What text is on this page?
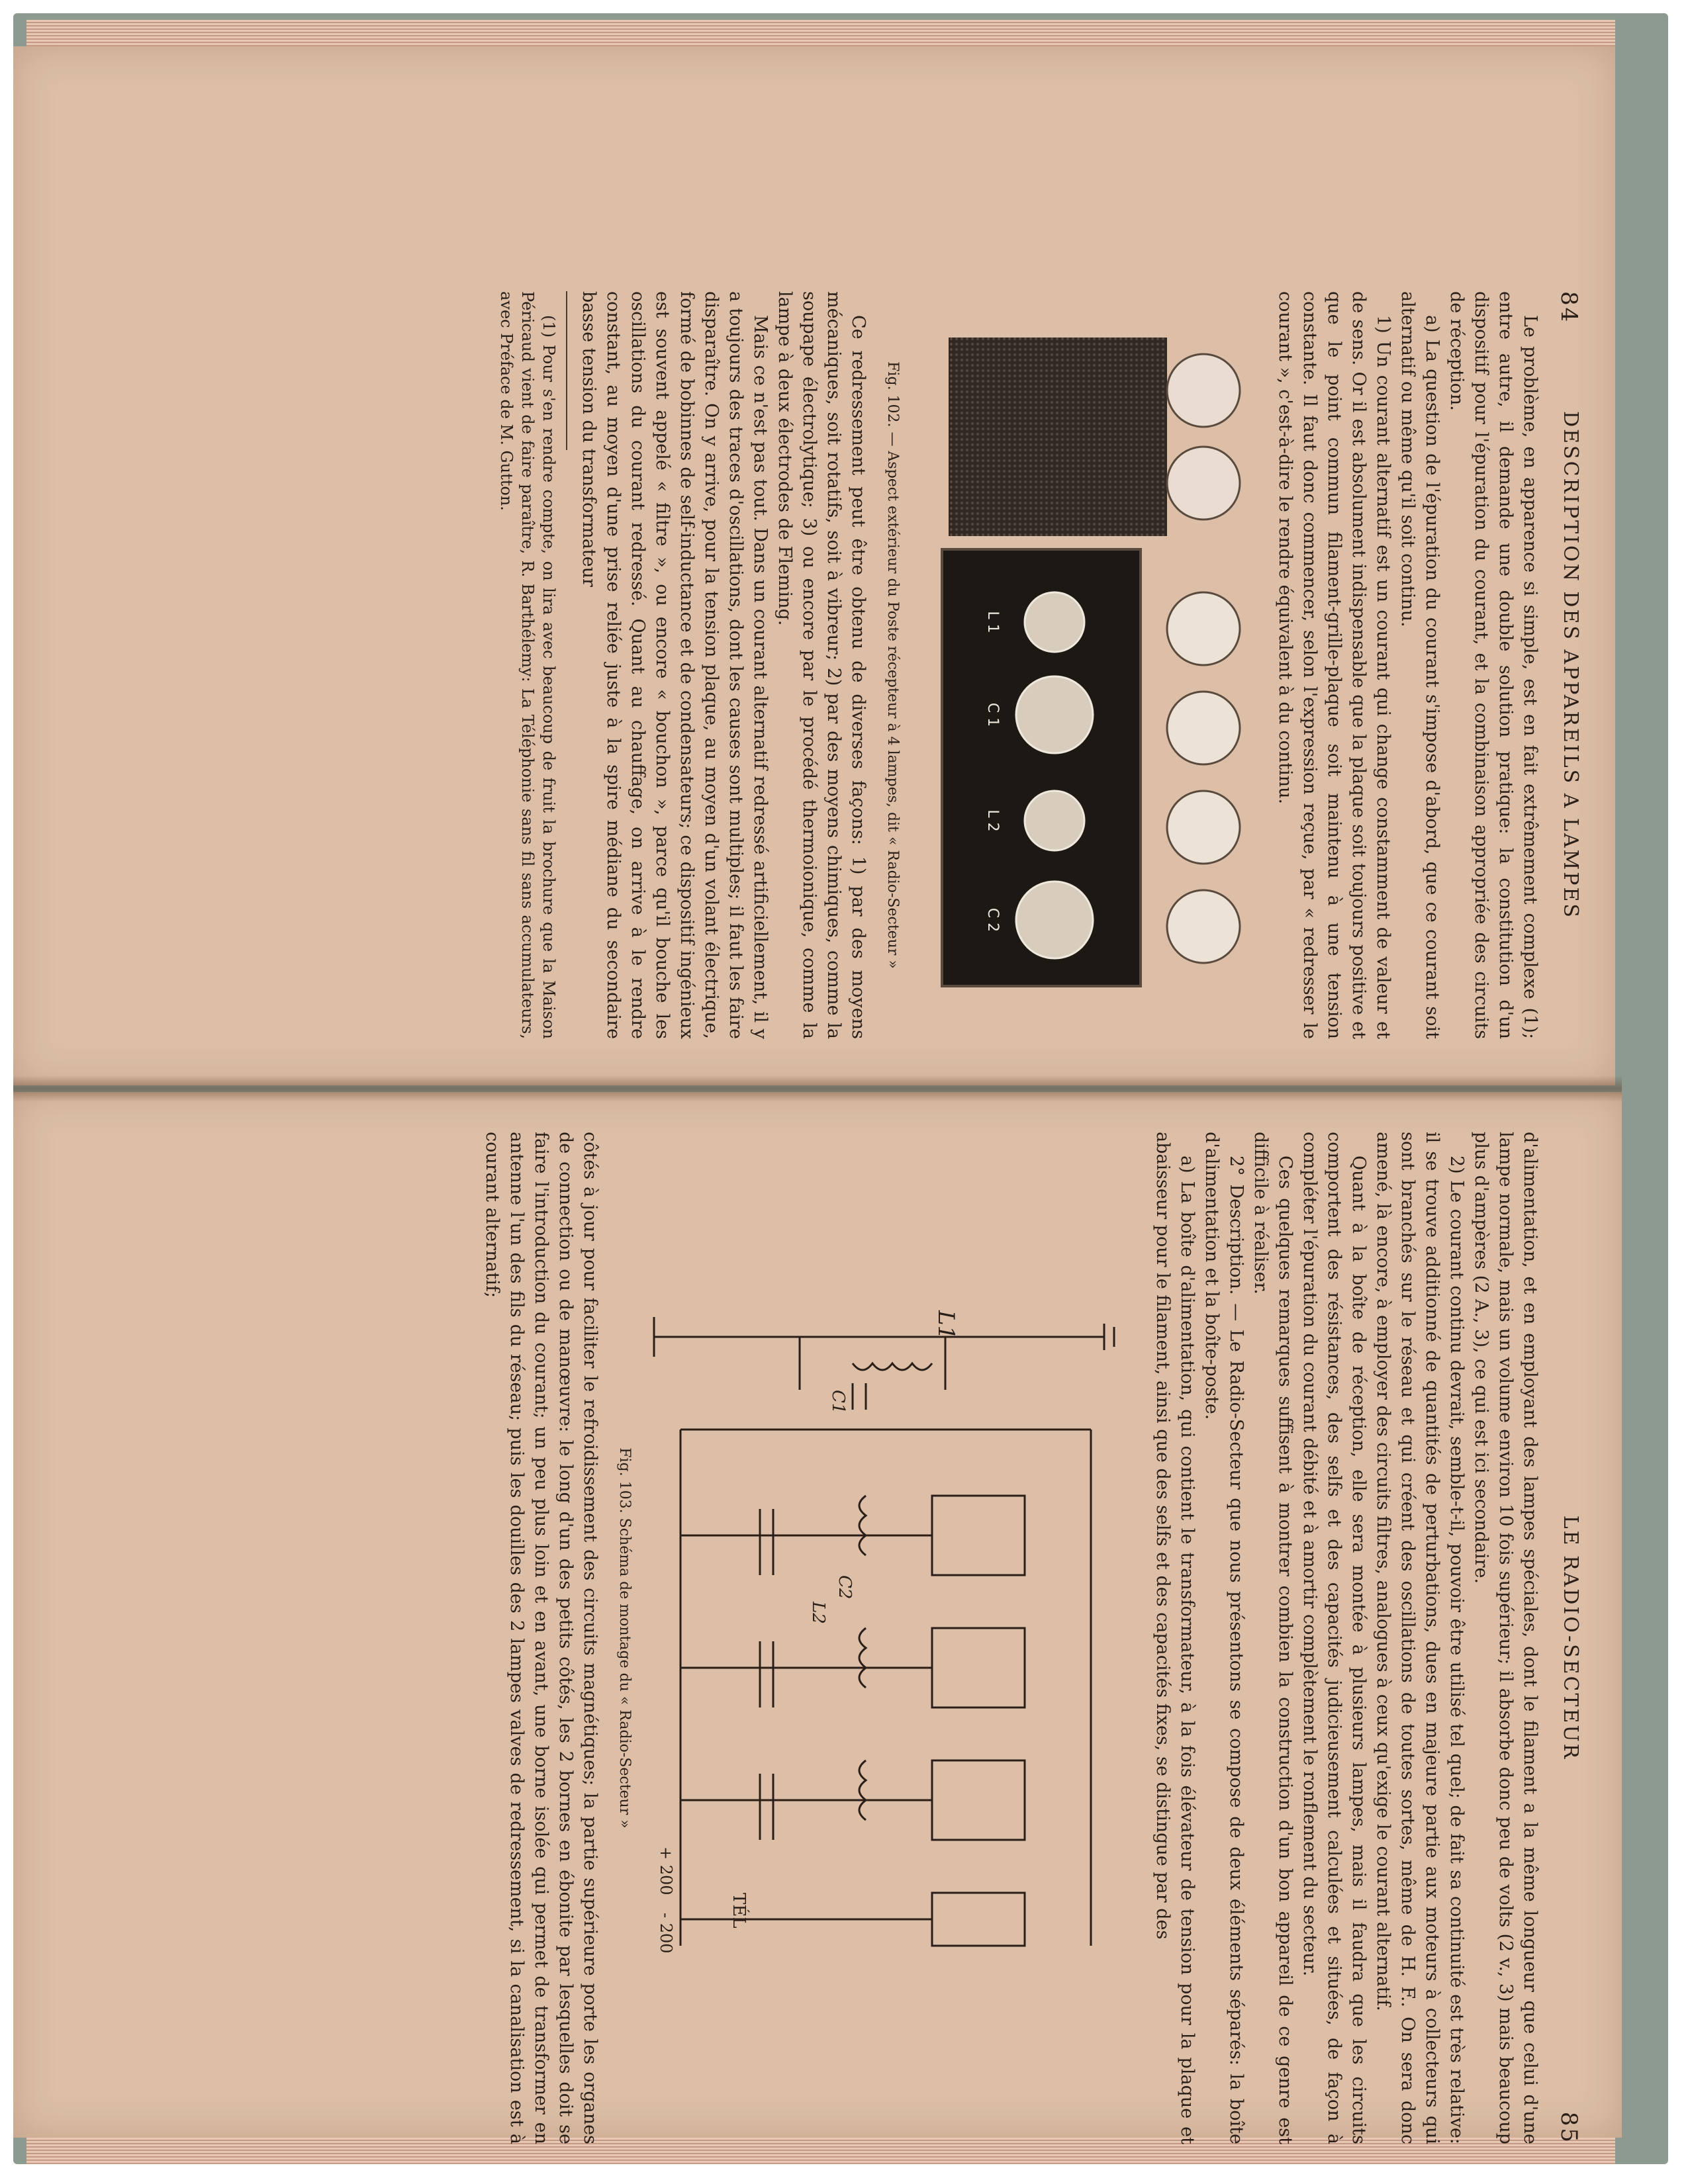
84
DESCRIPTION DES APPAREILS A LAMPES

Le problème, en apparence si simple, est en fait extrêmement complexe (1); entre autre, il demande une double solution pratique: la constitution d'un dispositif pour l'épuration du courant, et la combinaison appropriée des circuits de réception.

a) La question de l'épuration du courant s'impose d'abord, que ce courant soit alternatif ou même qu'il soit continu.

1) Un courant alternatif est un courant qui change constamment de valeur et de sens. Or il est absolument indispensable que la plaque soit toujours positive et que le point commun filament-grille-plaque soit maintenu à une tension constante. Il faut donc commencer, selon l'expression reçue, par « redresser le courant », c'est-à-dire le rendre équivalent à du continu.

L 1
C 1
L 2
C 2

Fig. 102. — Aspect extérieur du Poste récepteur à 4 lampes, dit « Radio-Secteur »

Ce redressement peut être obtenu de diverses façons: 1) par des moyens mécaniques, soit rotatifs, soit à vibreur; 2) par des moyens chimiques, comme la soupape électrolytique; 3) ou encore par le procédé thermoionique, comme la lampe à deux électrodes de Fleming.

Mais ce n'est pas tout. Dans un courant alternatif redressé artificiellement, il y a toujours des traces d'oscillations, dont les causes sont multiples; il faut les faire disparaître. On y arrive, pour la tension plaque, au moyen d'un volant électrique, formé de bobinnes de self-inductance et de condensateurs; ce dispositif ingénieux est souvent appelé « filtre », ou encore « bouchon », parce qu'il bouche les oscillations du courant redressé. Quant au chauffage, on arrive à le rendre constant, au moyen d'une prise reliée juste à la spire médiane du secondaire basse tension du transformateur

(1) Pour s'en rendre compte, on lira avec beaucoup de fruit la brochure que la Maison Péricaud vient de faire paraître, R. Barthélemy: La Téléphonie sans fil sans accumulateurs, avec Préface de M. Gutton.

LE RADIO-SECTEUR
85

d'alimentation, et en employant des lampes spéciales, dont le filament a la même longueur que celui d'une lampe normale, mais un volume environ 10 fois supérieur; il absorbe donc peu de volts (2 v., 3) mais beaucoup plus d'ampères (2 A., 3), ce qui est ici secondaire.

2) Le courant continu devrait, semble-t-il, pouvoir être utilisé tel quel; de fait sa continuité est très relative: il se trouve additionné de quantités de perturbations, dues en majeure partie aux moteurs à collecteurs qui sont branchés sur le réseau et qui créent des oscillations de toutes sortes, même de H. F.. On sera donc amené, là encore, à employer des circuits filtres, analogues à ceux qu'exige le courant alternatif.

Quant à la boîte de réception, elle sera montée à plusieurs lampes, mais il faudra que les circuits comportent des résistances, des selfs et des capacités judicieusement calculées et situées, de façon à compléter l'épuration du courant débité et à amortir complètement le ronflement du secteur.

Ces quelques remarques suffisent à montrer combien la construction d'un bon appareil de ce genre est difficile à réaliser.

2° Description. — Le Radio-Secteur que nous présentons se compose de deux éléments séparés: la boîte d'alimentation et la boîte-poste.

a) La boîte d'alimentation, qui contient le transformateur, à la fois élévateur de tension pour la plaque et abaisseur pour le filament, ainsi que des selfs et des capacités fixes, se distingue par des

L1
C1
C2
L2
TÉL
+ 200
- 200

Fig. 103. Schéma de montage du « Radio-Secteur »

côtés à jour pour faciliter le refroidissement des circuits magnétiques; la partie supérieure porte les organes de connection ou de manœuvre: le long d'un des petits côtés, les 2 bornes en ébonite par lesquelles doit se faire l'introduction du courant; un peu plus loin et en avant, une borne isolée qui permet de transformer en antenne l'un des fils du réseau; puis les douilles des 2 lampes valves de redressement, si la canalisation est à courant alternatif;
